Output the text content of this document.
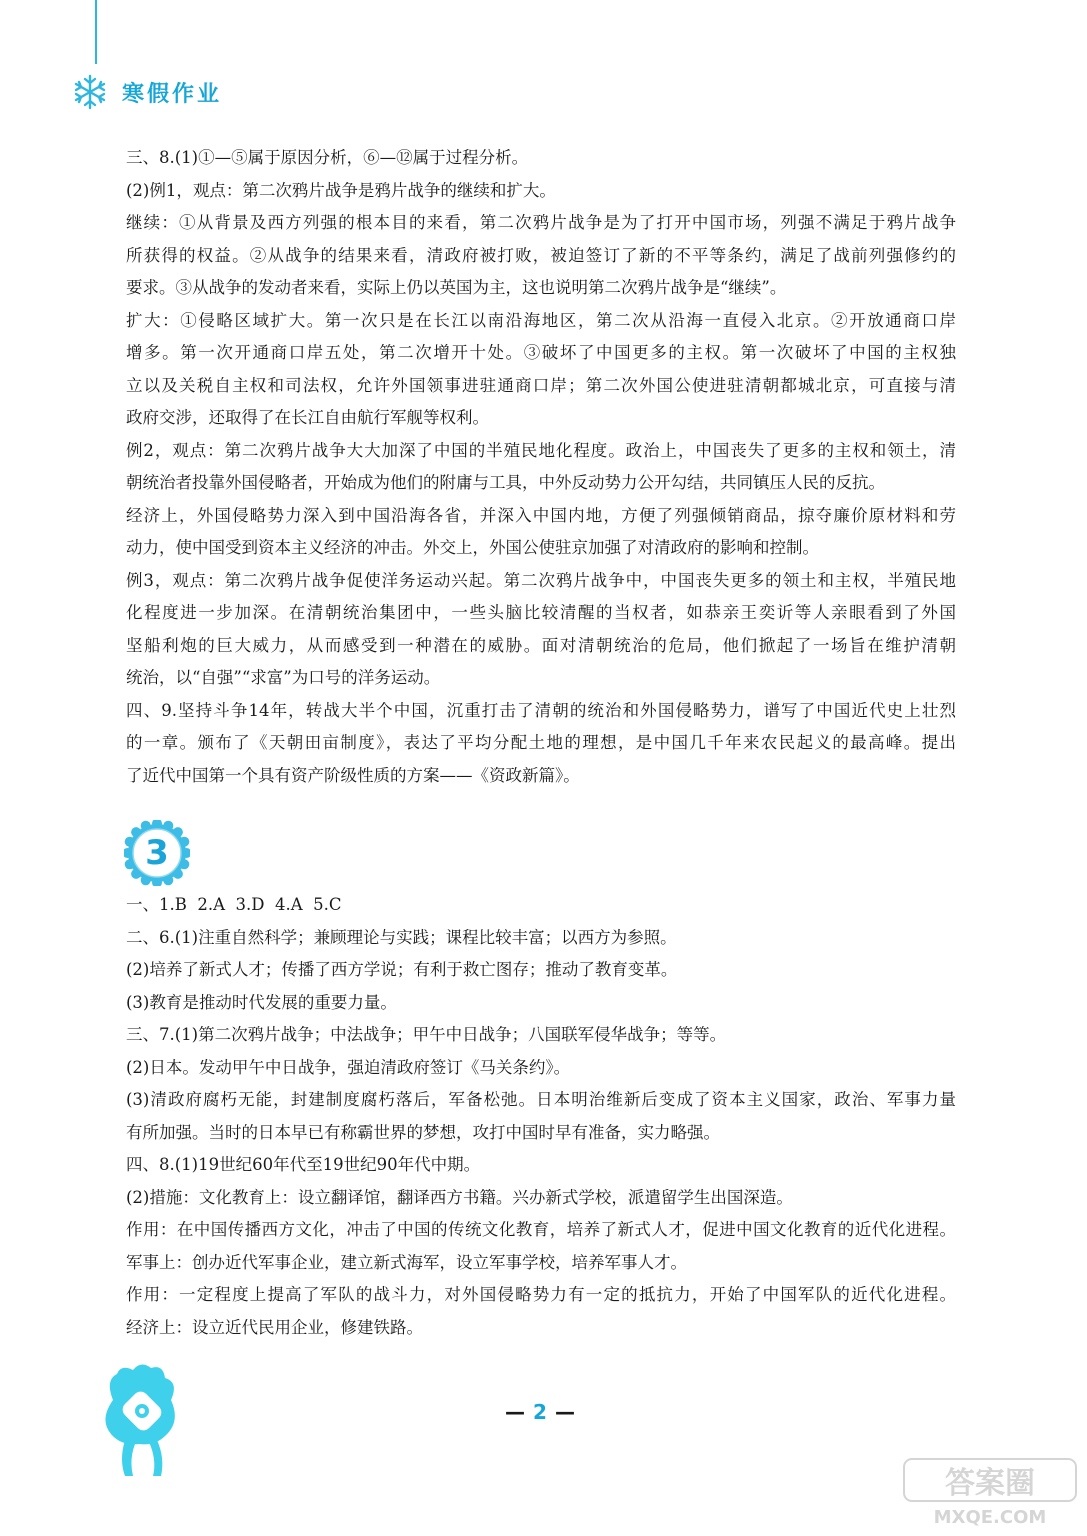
寒假作业
三、8.(1)①—⑤属于原因分析，⑥—⑫属于过程分析。
(2)例1，观点：第二次鸦片战争是鸦片战争的继续和扩大。
继续：①从背景及西方列强的根本目的来看，第二次鸦片战争是为了打开中国市场，列强不满足于鸦片战争
所获得的权益。②从战争的结果来看，清政府被打败，被迫签订了新的不平等条约，满足了战前列强修约的
要求。③从战争的发动者来看，实际上仍以英国为主，这也说明第二次鸦片战争是“继续”。
扩大：①侵略区域扩大。第一次只是在长江以南沿海地区，第二次从沿海一直侵入北京。②开放通商口岸
增多。第一次开通商口岸五处，第二次增开十处。③破坏了中国更多的主权。第一次破坏了中国的主权独
立以及关税自主权和司法权，允许外国领事进驻通商口岸；第二次外国公使进驻清朝都城北京，可直接与清
政府交涉，还取得了在长江自由航行军舰等权利。
例2，观点：第二次鸦片战争大大加深了中国的半殖民地化程度。政治上，中国丧失了更多的主权和领土，清
朝统治者投靠外国侵略者，开始成为他们的附庸与工具，中外反动势力公开勾结，共同镇压人民的反抗。
经济上，外国侵略势力深入到中国沿海各省，并深入中国内地，方便了列强倾销商品，掠夺廉价原材料和劳
动力，使中国受到资本主义经济的冲击。外交上，外国公使驻京加强了对清政府的影响和控制。
例3，观点：第二次鸦片战争促使洋务运动兴起。第二次鸦片战争中，中国丧失更多的领土和主权，半殖民地
化程度进一步加深。在清朝统治集团中，一些头脑比较清醒的当权者，如恭亲王奕䜣等人亲眼看到了外国
坚船利炮的巨大威力，从而感受到一种潜在的威胁。面对清朝统治的危局，他们掀起了一场旨在维护清朝
统治，以“自强”“求富”为口号的洋务运动。
四、9.坚持斗争14年，转战大半个中国，沉重打击了清朝的统治和外国侵略势力，谱写了中国近代史上壮烈
的一章。颁布了《天朝田亩制度》，表达了平均分配土地的理想，是中国几千年来农民起义的最高峰。提出
了近代中国第一个具有资产阶级性质的方案——《资政新篇》。
3
一、1.B  2.A  3.D  4.A  5.C
二、6.(1)注重自然科学；兼顾理论与实践；课程比较丰富；以西方为参照。
(2)培养了新式人才；传播了西方学说；有利于救亡图存；推动了教育变革。
(3)教育是推动时代发展的重要力量。
三、7.(1)第二次鸦片战争；中法战争；甲午中日战争；八国联军侵华战争；等等。
(2)日本。发动甲午中日战争，强迫清政府签订《马关条约》。
(3)清政府腐朽无能，封建制度腐朽落后，军备松弛。日本明治维新后变成了资本主义国家，政治、军事力量
有所加强。当时的日本早已有称霸世界的梦想，攻打中国时早有准备，实力略强。
四、8.(1)19世纪60年代至19世纪90年代中期。
(2)措施：文化教育上：设立翻译馆，翻译西方书籍。兴办新式学校，派遣留学生出国深造。
作用：在中国传播西方文化，冲击了中国的传统文化教育，培养了新式人才，促进中国文化教育的近代化进程。
军事上：创办近代军事企业，建立新式海军，设立军事学校，培养军事人才。
作用：一定程度上提高了军队的战斗力，对外国侵略势力有一定的抵抗力，开始了中国军队的近代化进程。
经济上：设立近代民用企业，修建铁路。
— 2 —
答案圈
MXQE.COM
